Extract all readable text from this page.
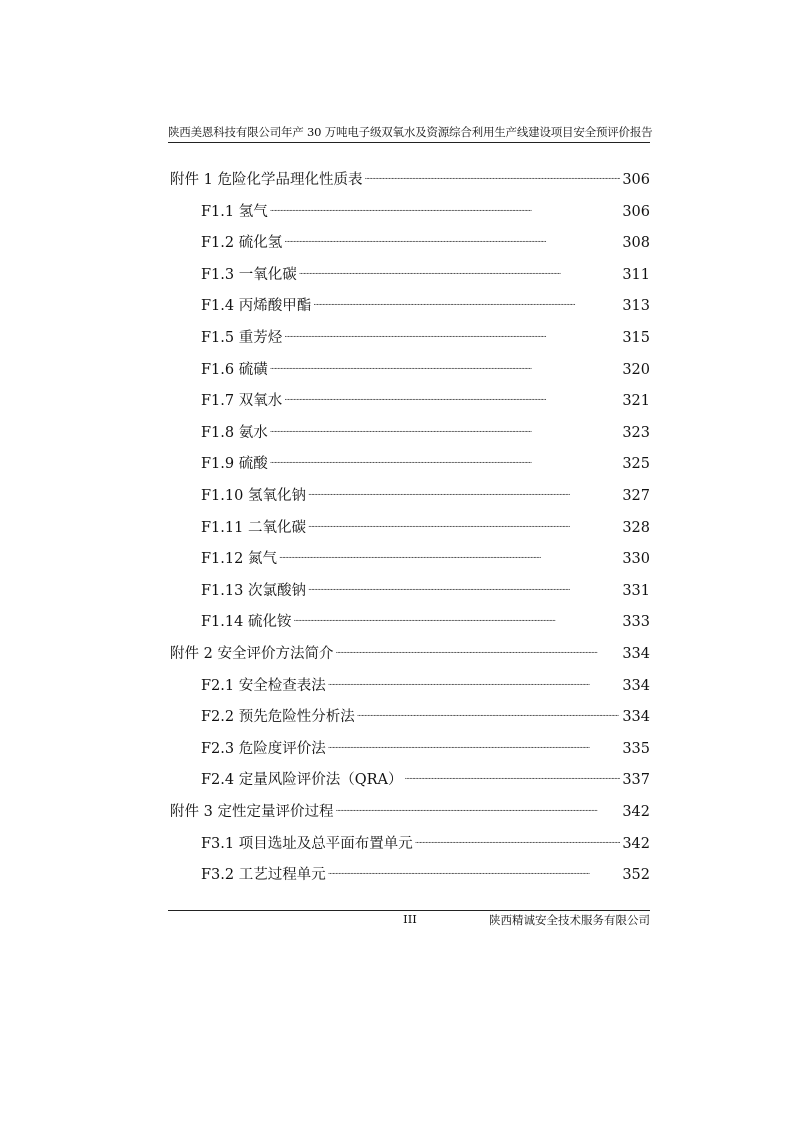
陕西美恩科技有限公司年产 30 万吨电子级双氧水及资源综合利用生产线建设项目安全预评价报告
附件 1 危险化学品理化性质表 . . .	306
F1.1 氢气 . . .	306
F1.2 硫化氢 . . .	308
F1.3 一氧化碳 . . .	311
F1.4 丙烯酸甲酯 . . .	313
F1.5 重芳烃 . . .	315
F1.6 硫磺 . . .	320
F1.7 双氧水 . . .	321
F1.8 氨水 . . .	323
F1.9 硫酸 . . .	325
F1.10 氢氧化钠 . . .	327
F1.11 二氧化碳 . . .	328
F1.12 氮气 . . .	330
F1.13 次氯酸钠 . . .	331
F1.14 硫化铵 . . .	333
附件 2 安全评价方法简介 . . .	334
F2.1 安全检查表法 . . .	334
F2.2 预先危险性分析法 . . .	334
F2.3 危险度评价法 . . .	335
F2.4 定量风险评价法（QRA） . . .	337
附件 3 定性定量评价过程 . . .	342
F3.1 项目选址及总平面布置单元 . . .	342
F3.2 工艺过程单元 . . .	352
III	陕西精诚安全技术服务有限公司
